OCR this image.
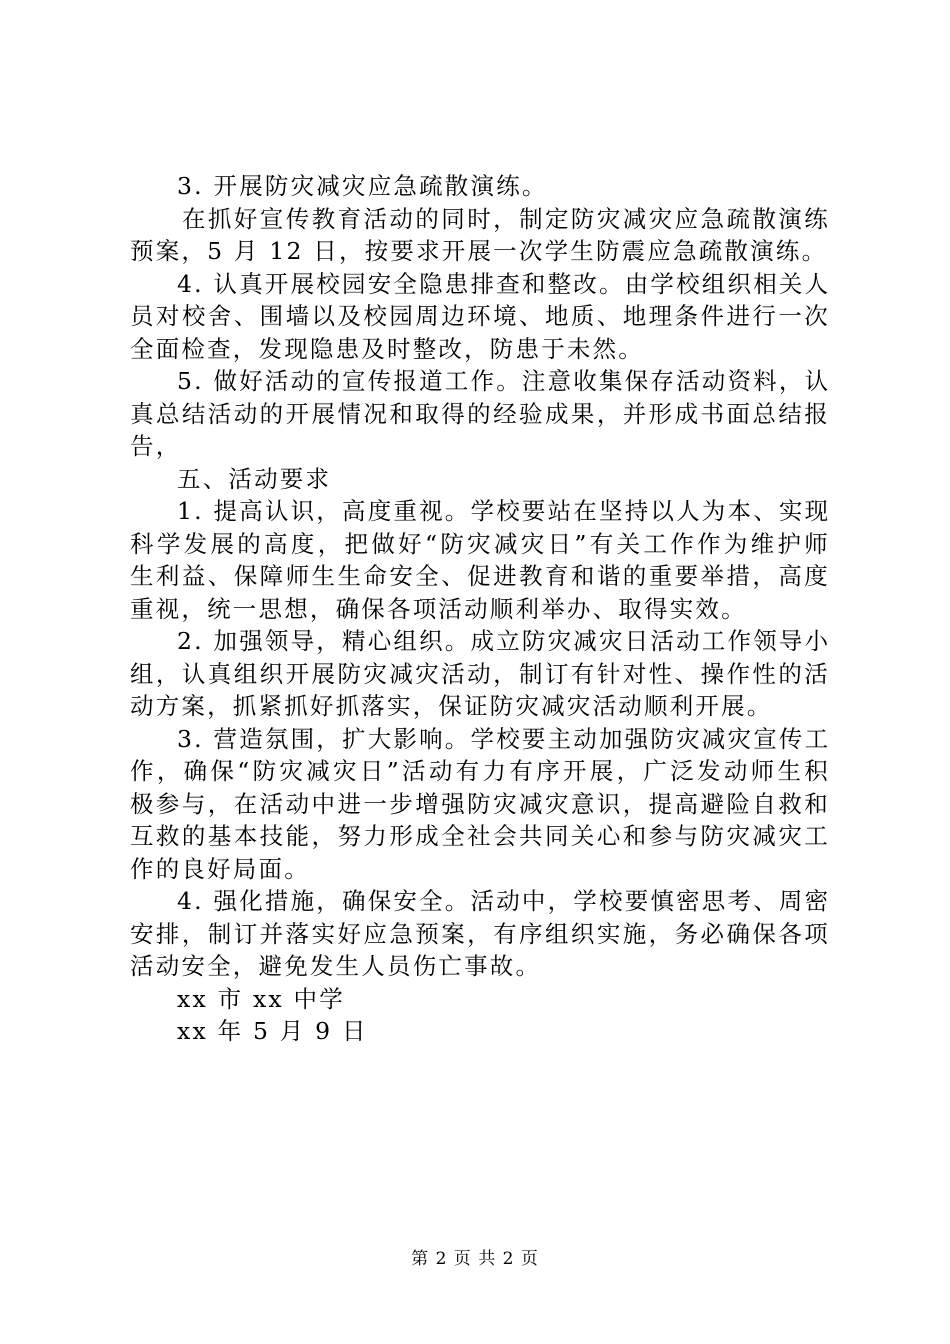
3. 开展防灾减灾应急疏散演练。
在抓好宣传教育活动的同时，制定防灾减灾应急疏散演练
预案，5 月 12 日，按要求开展一次学生防震应急疏散演练。
4. 认真开展校园安全隐患排查和整改。由学校组织相关人
员对校舍、围墙以及校园周边环境、地质、地理条件进行一次
全面检查，发现隐患及时整改，防患于未然。
5. 做好活动的宣传报道工作。注意收集保存活动资料，认
真总结活动的开展情况和取得的经验成果，并形成书面总结报
告，
五、活动要求
1. 提高认识，高度重视。学校要站在坚持以人为本、实现
科学发展的高度，把做好“防灾减灾日”有关工作作为维护师
生利益、保障师生生命安全、促进教育和谐的重要举措，高度
重视，统一思想，确保各项活动顺利举办、取得实效。
2. 加强领导，精心组织。成立防灾减灾日活动工作领导小
组，认真组织开展防灾减灾活动，制订有针对性、操作性的活
动方案，抓紧抓好抓落实，保证防灾减灾活动顺利开展。
3. 营造氛围，扩大影响。学校要主动加强防灾减灾宣传工
作，确保“防灾减灾日”活动有力有序开展，广泛发动师生积
极参与，在活动中进一步增强防灾减灾意识，提高避险自救和
互救的基本技能，努力形成全社会共同关心和参与防灾减灾工
作的良好局面。
4. 强化措施，确保安全。活动中，学校要慎密思考、周密
安排，制订并落实好应急预案，有序组织实施，务必确保各项
活动安全，避免发生人员伤亡事故。
xx 市 xx 中学
xx 年 5 月 9 日
第 2 页 共 2 页
